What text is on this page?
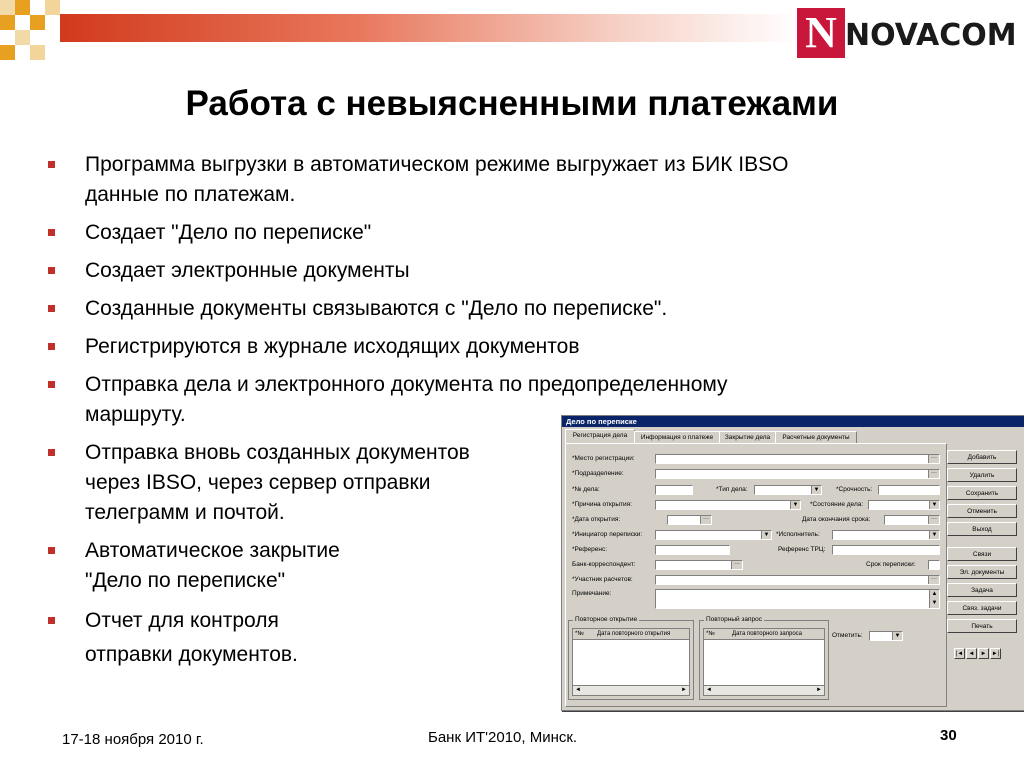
N NOVACOM
Работа с невыясненными платежами
Программа выгрузки в автоматическом режиме выгружает из БИК IBSO
данные по платежам.
Создает "Дело по переписке"
Создает электронные документы
Созданные документы связываются с "Дело по переписке".
Регистрируются в журнале исходящих документов
Отправка дела и электронного документа по предопределенному
маршруту.
Отправка вновь созданных документов
через IBSO, через сервер отправки
телеграмм и почтой.
Автоматическое закрытие
"Дело по переписке"
Отчет для контроля
отправки документов.
Дело по переписке
Регистрация дела	Информация о платеже	Закрытие дела	Расчетные документы
*Место регистрации:	···
*Подразделение:	···
*№ дела:	*Тип дела:	▼	*Срочность:
*Причина открытия:	▼ *Состояние дела:	▼
*Дата открытия:	···	Дата окончания срока:	···
*Инициатор переписки:	▼ *Исполнитель:	▼
*Референс:	Референс ТРЦ:
Банк-корреспондент:	···	Срок переписки:
*Участник расчетов:	···
Примечание:	▲
▼
Повторное открытие
*№ Дата повторного открытия
◄	►
Повторный запрос
*№	Дата повторного запроса
◄	►
Отметить:	▼
Добавить
Удалить
Сохранить
Отменить
Выход
Связи
Эл. документы
Задача
Связ. задачи
Печать
|◄ ◄	► ►|
17-18 ноября 2010 г.	Банк ИТ'2010, Минск.	30
